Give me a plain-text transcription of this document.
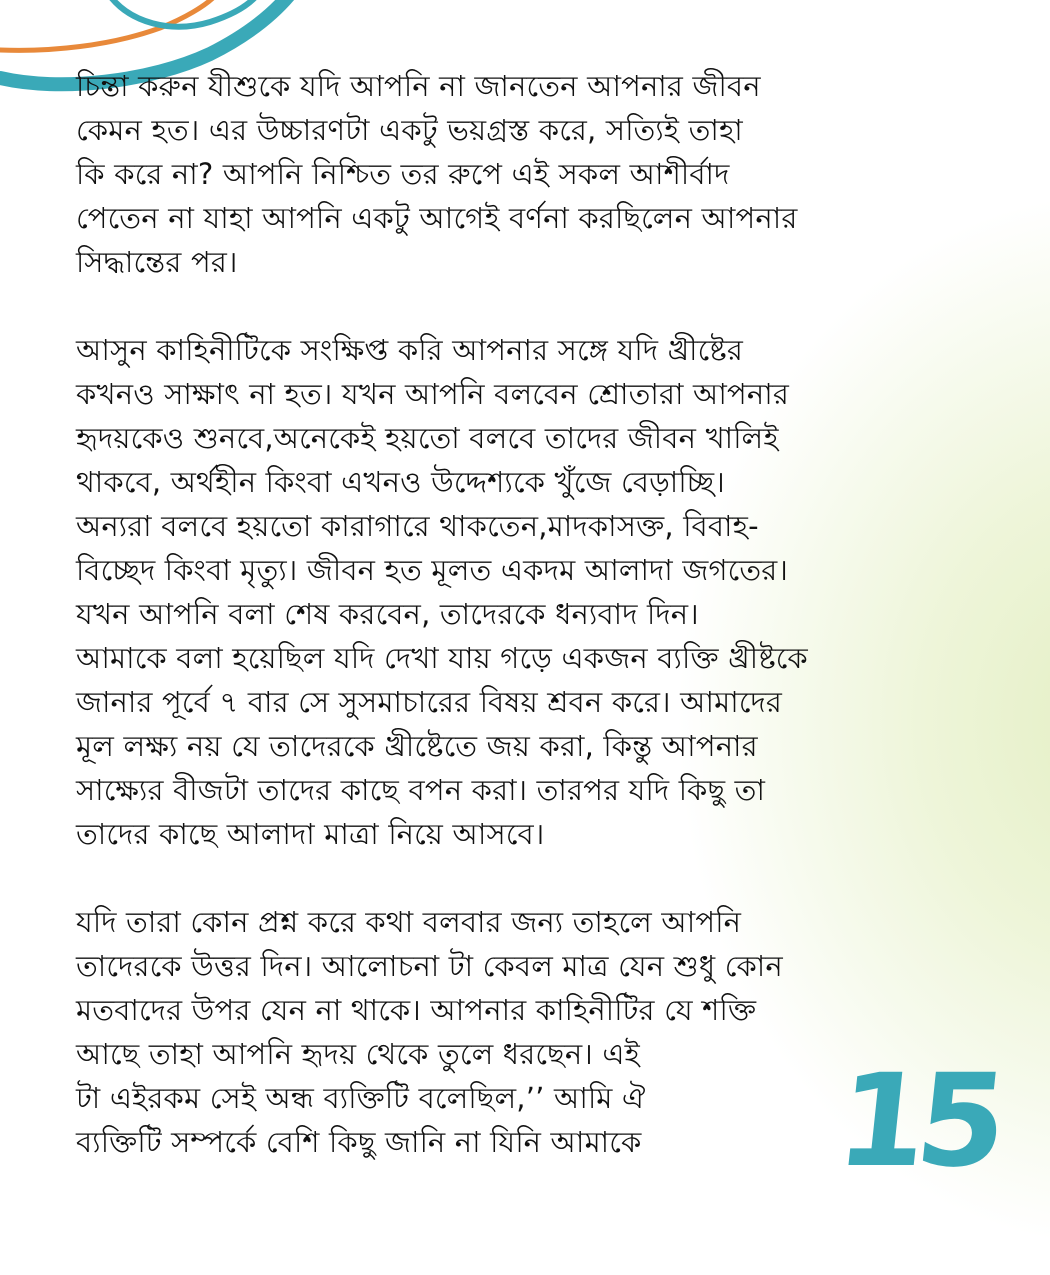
চিন্তা করুন যীশুকে যদি আপনি না জানতেন আপনার জীবন
কেমন হত। এর উচ্চারণটা একটু ভয়গ্রস্ত করে, সত্যিই তাহা
কি করে না? আপনি নিশ্চিত তর রুপে এই সকল আশীর্বাদ
পেতেন না যাহা আপনি একটু আগেই বর্ণনা করছিলেন আপনার
সিদ্ধান্তের পর।
আসুন কাহিনীটিকে সংক্ষিপ্ত করি আপনার সঙ্গে যদি খ্রীষ্টের
কখনও সাক্ষাৎ না হত। যখন আপনি বলবেন শ্রোতারা আপনার
হৃদয়কেও শুনবে,অনেকেই হয়তো বলবে তাদের জীবন খালিই
থাকবে, অর্থহীন কিংবা এখনও উদ্দেশ্যকে খুঁজে বেড়াচ্ছি।
অন্যরা বলবে হয়তো কারাগারে থাকতেন,মাদকাসক্ত, বিবাহ-
বিচ্ছেদ কিংবা মৃত্যু। জীবন হত মূলত একদম আলাদা জগতের।
যখন আপনি বলা শেষ করবেন, তাদেরকে ধন্যবাদ দিন।
আমাকে বলা হয়েছিল যদি দেখা যায় গড়ে একজন ব্যক্তি খ্রীষ্টকে
জানার পূর্বে ৭ বার সে সুসমাচারের বিষয় শ্রবন করে। আমাদের
মূল লক্ষ্য নয় যে তাদেরকে খ্রীষ্টেতে জয় করা, কিন্তু আপনার
সাক্ষ্যের বীজটা তাদের কাছে বপন করা। তারপর যদি কিছু তা
তাদের কাছে আলাদা মাত্রা নিয়ে আসবে।
যদি তারা কোন প্রশ্ন করে কথা বলবার জন্য তাহলে আপনি
তাদেরকে উত্তর দিন। আলোচনা টা কেবল মাত্র যেন শুধু কোন
মতবাদের উপর যেন না থাকে। আপনার কাহিনীটির যে শক্তি
আছে তাহা আপনি হৃদয় থেকে তুলে ধরছেন। এই
টা এইরকম সেই অন্ধ ব্যক্তিটি বলেছিল,’’ আমি ঐ
ব্যক্তিটি সম্পর্কে বেশি কিছু জানি না যিনি আমাকে	15
